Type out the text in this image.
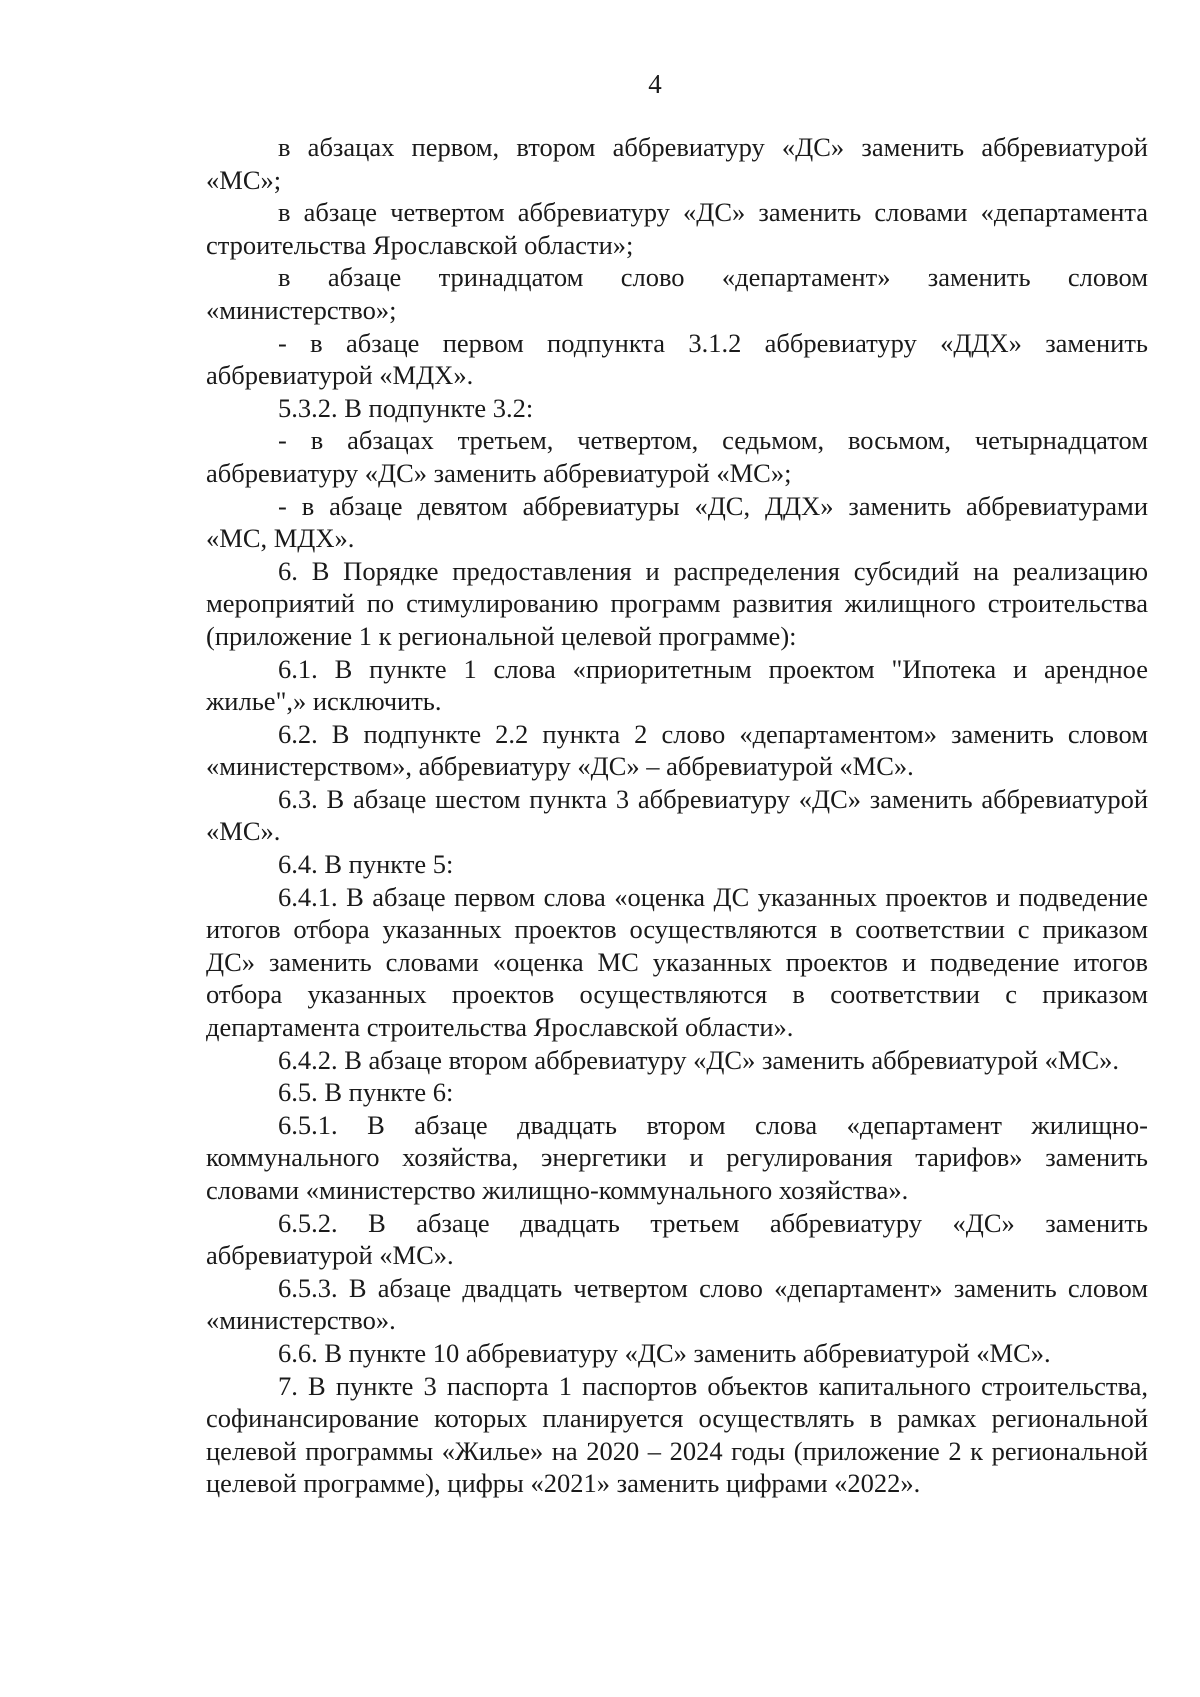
4

в абзацах первом, втором аббревиатуру «ДС» заменить аббревиатурой «МС»;

в абзаце четвертом аббревиатуру «ДС» заменить словами «департамента строительства Ярославской области»;

в абзаце тринадцатом слово «департамент» заменить словом «министерство»;

- в абзаце первом подпункта 3.1.2 аббревиатуру «ДДХ» заменить аббревиатурой «МДХ».

5.3.2. В подпункте 3.2:

- в абзацах третьем, четвертом, седьмом, восьмом, четырнадцатом аббревиатуру «ДС» заменить аббревиатурой «МС»;

- в абзаце девятом аббревиатуры «ДС, ДДХ» заменить аббревиатурами «МС, МДХ».

6. В Порядке предоставления и распределения субсидий на реализацию мероприятий по стимулированию программ развития жилищного строительства (приложение 1 к региональной целевой программе):

6.1. В пункте 1 слова «приоритетным проектом "Ипотека и арендное жилье",» исключить.

6.2. В подпункте 2.2 пункта 2 слово «департаментом» заменить словом «министерством», аббревиатуру «ДС» – аббревиатурой «МС».

6.3. В абзаце шестом пункта 3 аббревиатуру «ДС» заменить аббревиатурой «МС».

6.4. В пункте 5:

6.4.1. В абзаце первом слова «оценка ДС указанных проектов и подведение итогов отбора указанных проектов осуществляются в соответствии с приказом ДС» заменить словами «оценка МС указанных проектов и подведение итогов отбора указанных проектов осуществляются в соответствии с приказом департамента строительства Ярославской области».

6.4.2. В абзаце втором аббревиатуру «ДС» заменить аббревиатурой «МС».

6.5. В пункте 6:

6.5.1. В абзаце двадцать втором слова «департамент жилищно-коммунального хозяйства, энергетики и регулирования тарифов» заменить словами «министерство жилищно-коммунального хозяйства».

6.5.2. В абзаце двадцать третьем аббревиатуру «ДС» заменить аббревиатурой «МС».

6.5.3. В абзаце двадцать четвертом слово «департамент» заменить словом «министерство».

6.6. В пункте 10 аббревиатуру «ДС» заменить аббревиатурой «МС».

7. В пункте 3 паспорта 1 паспортов объектов капитального строительства, софинансирование которых планируется осуществлять в рамках региональной целевой программы «Жилье» на 2020 – 2024 годы (приложение 2 к региональной целевой программе), цифры «2021» заменить цифрами «2022».
